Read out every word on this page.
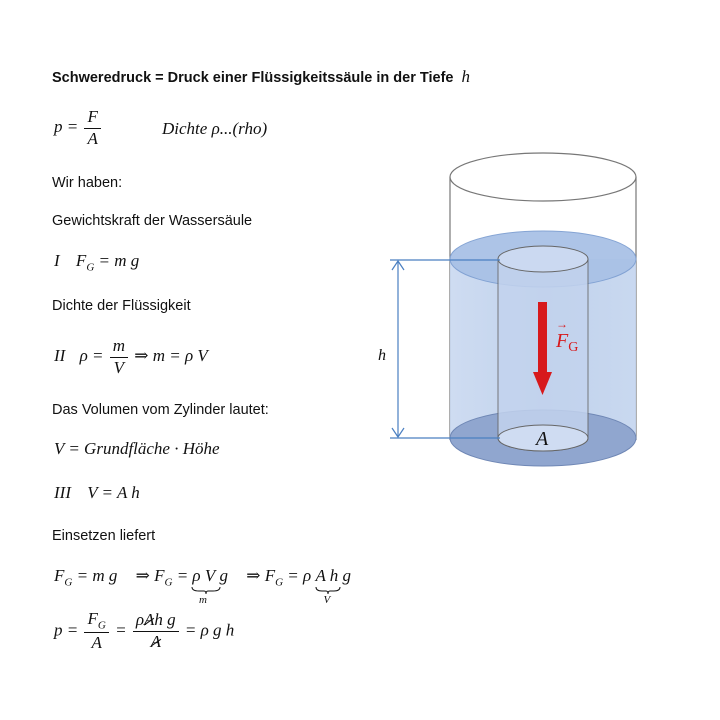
Schweredruck = Druck einer Flüssigkeitssäule in der Tiefe h
$p = \frac{F}{A}$	Dichte ρ...(rho)
Wir haben:
Gewichtskraft der Wassersäule
I $F_G = m$ g
Dichte der Flüssigkeit
II $\rho = \frac{m}{V}$ ⇒ m = ρ V
Das Volumen vom Zylinder lautet:
V = Grundfläche · Höhe
III V = A h
Einsetzen liefert
$F_G = m$ g ⇒ $F_G = \rho$ V
m
g ⇒ $F_G = \rho$ A h
V
g
$p = \frac{F_G}{A} = \frac{\text{ρAh g}}{A} = \rho$ g h
$F_G$
→
A
h
